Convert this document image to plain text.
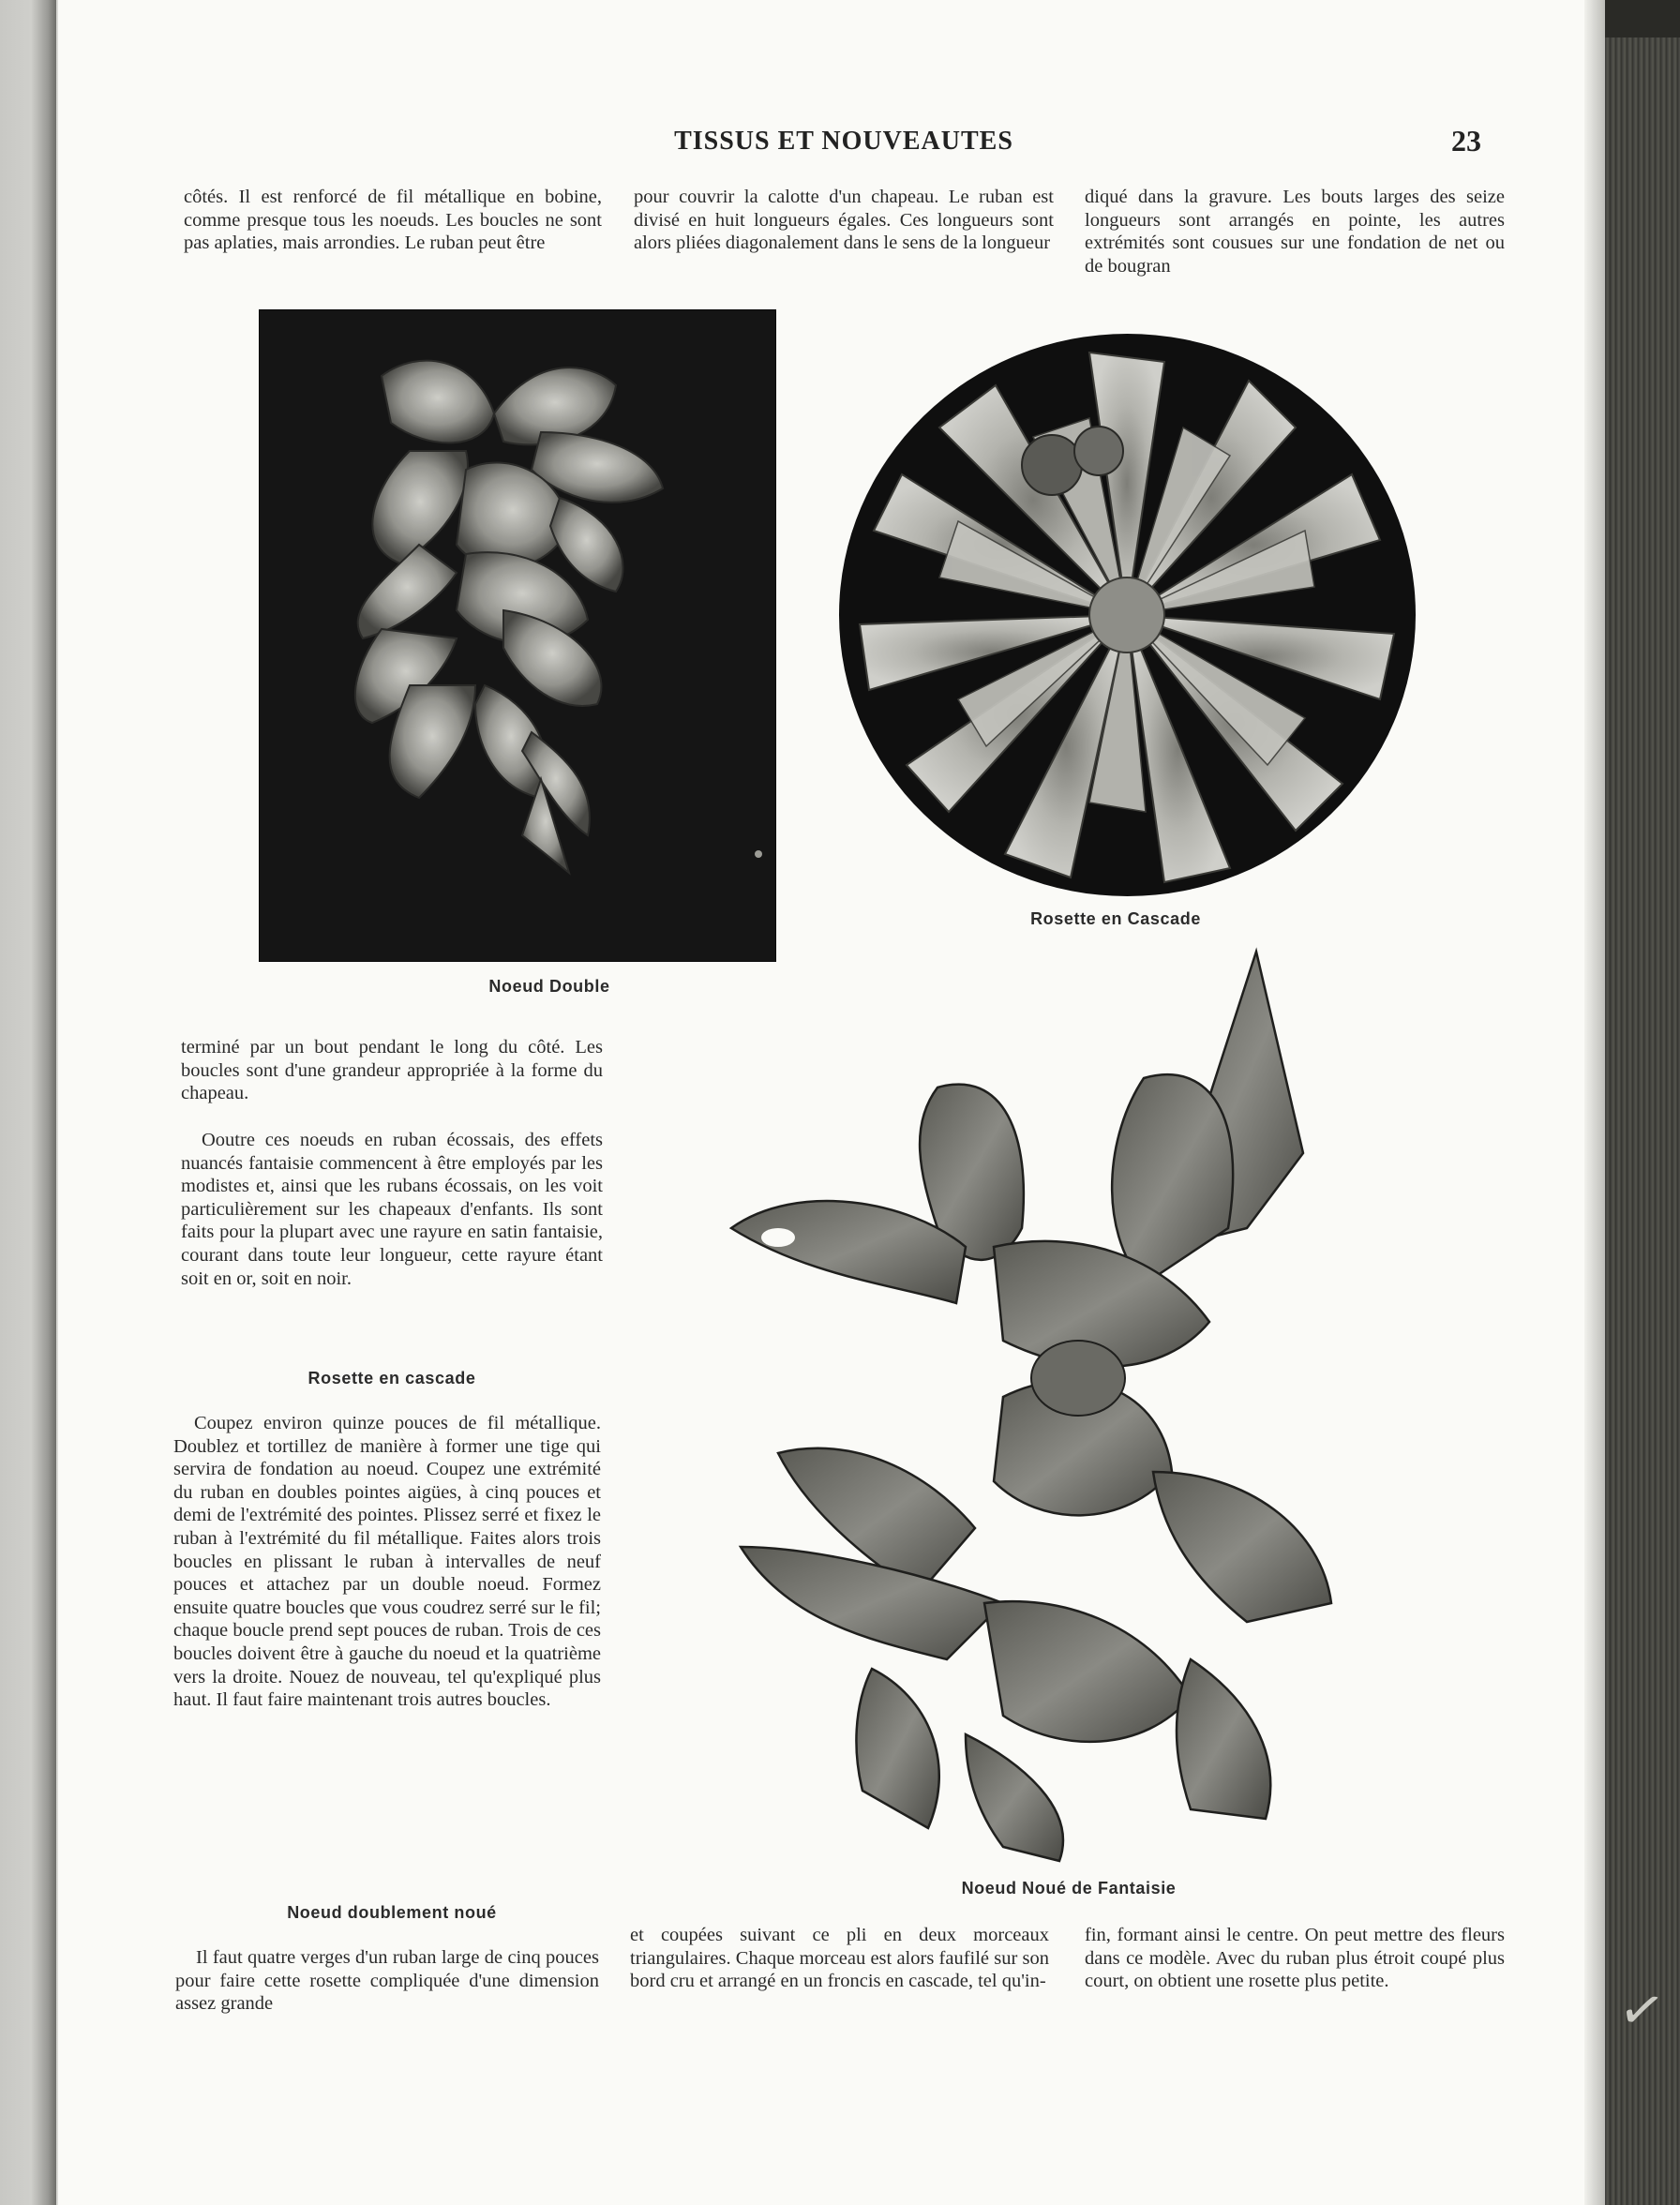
TISSUS ET NOUVEAUTES	23
côtés. Il est renforcé de fil métallique en bobine, comme presque tous les noeuds. Les boucles ne sont pas aplaties, mais arrondies. Le ruban peut être
pour couvrir la calotte d'un chapeau. Le ruban est divisé en huit longueurs égales. Ces longueurs sont alors pliées diagonalement dans le sens de la longueur
diqué dans la gravure. Les bouts larges des seize longueurs sont arrangés en pointe, les autres extrémités sont cousues sur une fondation de net ou de bougran
Noeud Double
Rosette en Cascade
Noeud Noué de Fantaisie
terminé par un bout pendant le long du côté. Les boucles sont d'une grandeur appropriée à la forme du chapeau.
Ooutre ces noeuds en ruban écossais, des effets nuancés fantaisie commencent à être employés par les modistes et, ainsi que les rubans écossais, on les voit particulièrement sur les chapeaux d'enfants. Ils sont faits pour la plupart avec une rayure en satin fantaisie, courant dans toute leur longueur, cette rayure étant soit en or, soit en noir.
Rosette en cascade
Coupez environ quinze pouces de fil métallique. Doublez et tortillez de manière à former une tige qui servira de fondation au noeud. Coupez une extrémité du ruban en doubles pointes aigües, à cinq pouces et demi de l'extrémité des pointes. Plissez serré et fixez le ruban à l'extrémité du fil métallique. Faites alors trois boucles en plissant le ruban à intervalles de neuf pouces et attachez par un double noeud. Formez ensuite quatre boucles que vous coudrez serré sur le fil; chaque boucle prend sept pouces de ruban. Trois de ces boucles doivent être à gauche du noeud et la quatrième vers la droite. Nouez de nouveau, tel qu'expliqué plus haut. Il faut faire maintenant trois autres boucles.
Noeud doublement noué
Il faut quatre verges d'un ruban large de cinq pouces pour faire cette rosette compliquée d'une dimension assez grande
et coupées suivant ce pli en deux morceaux triangulaires. Chaque morceau est alors faufilé sur son bord cru et arrangé en un froncis en cascade, tel qu'in-
fin, formant ainsi le centre. On peut mettre des fleurs dans ce modèle. Avec du ruban plus étroit coupé plus court, on obtient une rosette plus petite.	✓
